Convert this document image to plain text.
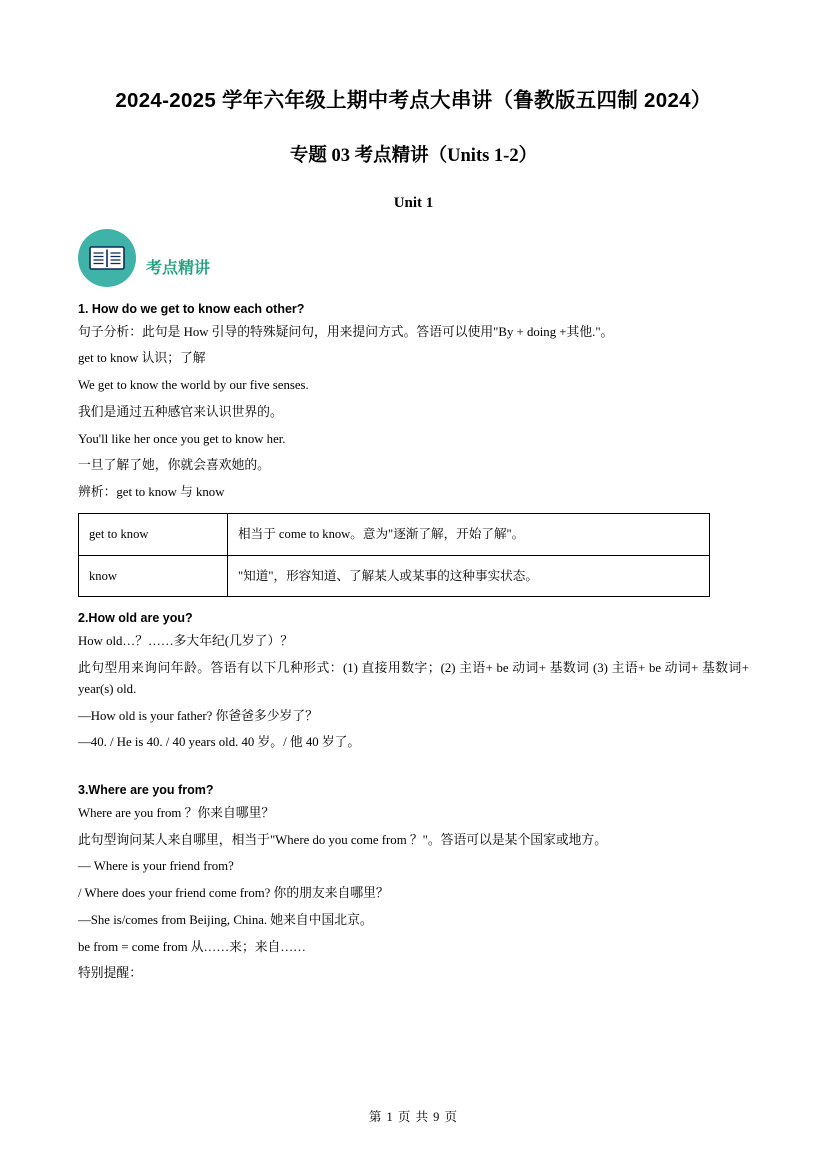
2024-2025 学年六年级上期中考点大串讲（鲁教版五四制 2024）
专题 03 考点精讲（Units 1-2）
Unit 1
考点精讲
1. How do we get to know each other?

句子分析：此句是 How 引导的特殊疑问句，用来提问方式。答语可以使用"By + doing +其他."。

get to know 认识；了解

We get to know the world by our five senses.

我们是通过五种感官来认识世界的。

You'll like her once you get to know her.

一旦了解了她，你就会喜欢她的。

辨析：get to know 与 know

get to know	相当于 come to know。意为"逐渐了解，开始了解"。
know	"知道"，形容知道、了解某人或某事的这种事实状态。
2.How old are you?

How old…？……多大年纪(几岁了）？

此句型用来询问年龄。答语有以下几种形式：(1) 直接用数字；(2) 主语+ be 动词+ 基数词 (3) 主语+ be 动词+ 基数词+ year(s) old.

—How old is your father? 你爸爸多少岁了？

—40. / He is 40. / 40 years old. 40 岁。/ 他 40 岁了。

3.Where are you from?

Where are you from ？你来自哪里？

此句型询问某人来自哪里，相当于"Where do you come from ？"。答语可以是某个国家或地方。

— Where is your friend from?

/ Where does your friend come from? 你的朋友来自哪里？

—She is/comes from Beijing, China. 她来自中国北京。

be from = come from 从……来；来自……

特别提醒：

第 1 页 共 9 页
